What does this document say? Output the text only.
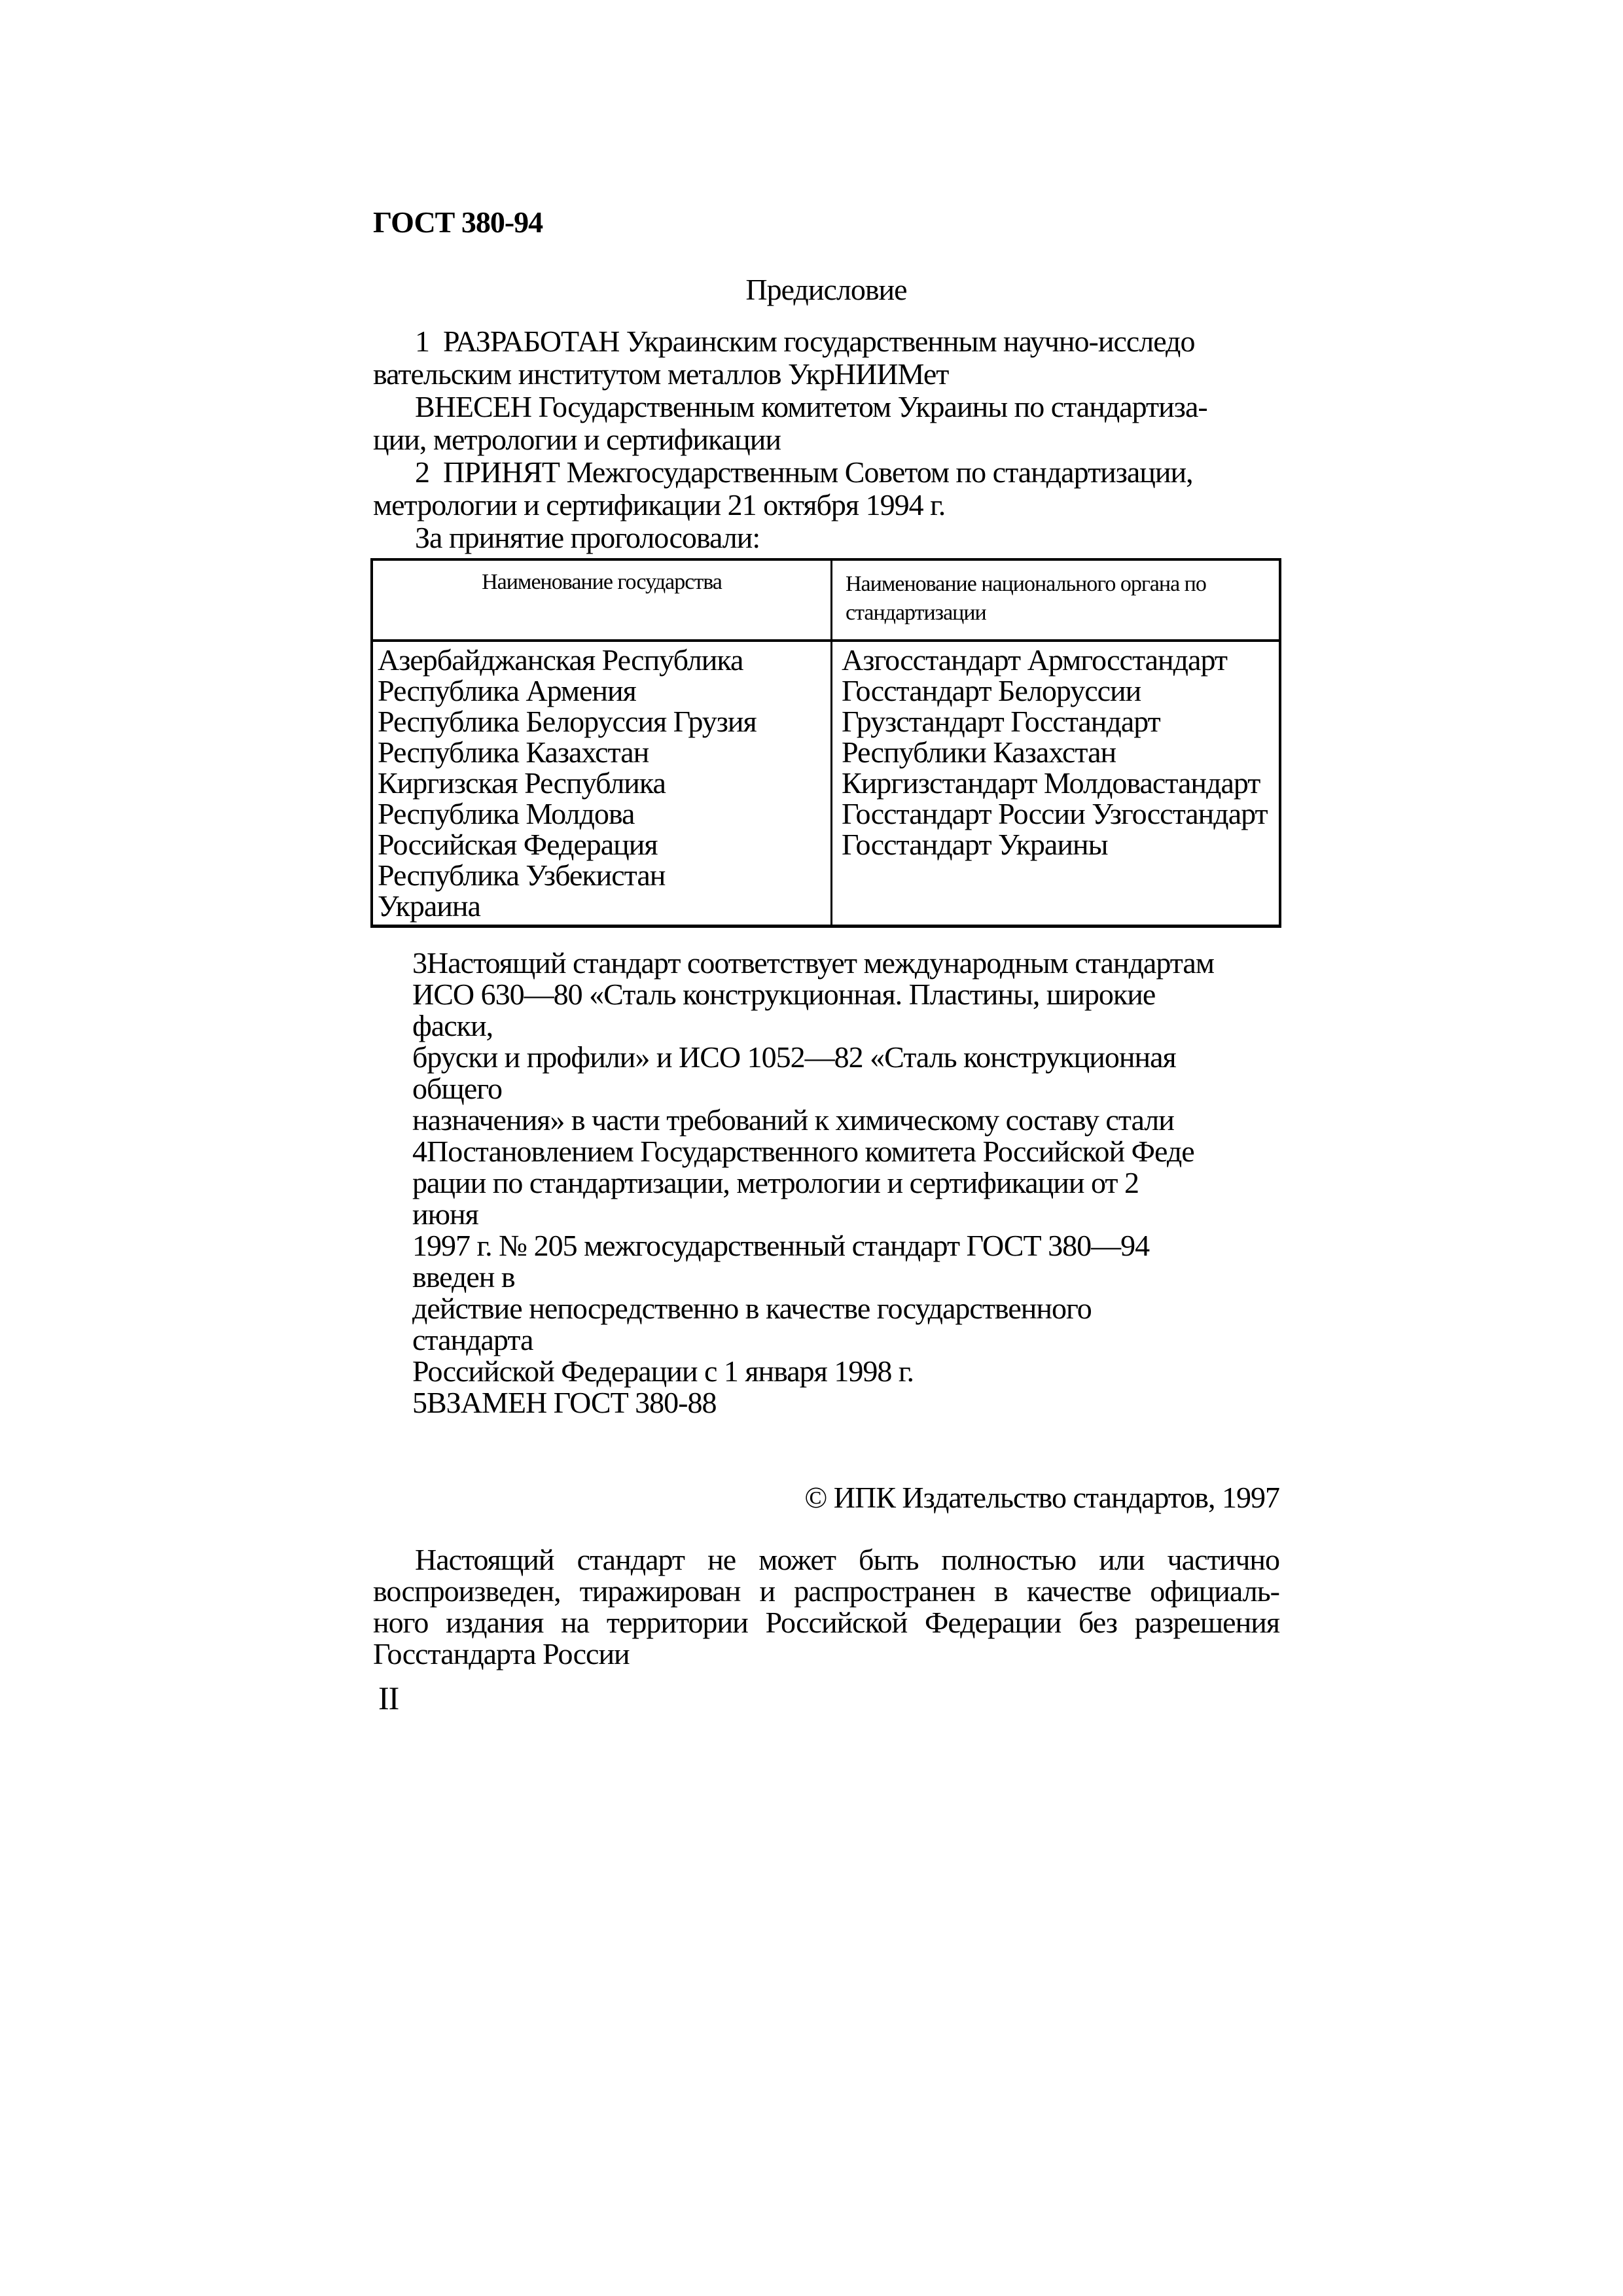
ГОСТ 380-94
Предисловие
1  РАЗРАБОТАН Украинским государственным научно-исследо
вательским институтом металлов УкрНИИМет
ВНЕСЕН Государственным комитетом Украины по стандартиза-
ции, метрологии и сертификации
2  ПРИНЯТ Межгосударственным Советом по стандартизации,
метрологии и сертификации 21 октября 1994 г.
За принятие проголосовали:
Наименование государства	Наименование национального органа по стандартизации
Азербайджанская Республика
Республика Армения
Республика Белоруссия Грузия
Республика Казахстан
Киргизская Республика
Республика Молдова
Российская Федерация
Республика Узбекистан
Украина
Азгосстандарт Армгосстандарт
Госстандарт Белоруссии
Грузстандарт Госстандарт
Республики Казахстан
Киргизстандарт Молдовастандарт
Госстандарт России Узгосстандарт
Госстандарт Украины
3Настоящий стандарт соответствует международным стандартам
ИСО 630—80 «Сталь конструкционная. Пластины, широкие
фаски,
бруски и профили» и ИСО 1052—82 «Сталь конструкционная
общего
назначения» в части требований к химическому составу стали
4Постановлением Государственного комитета Российской Феде
рации по стандартизации, метрологии и сертификации от 2
июня
1997 г. № 205 межгосударственный стандарт ГОСТ 380—94
введен в
действие непосредственно в качестве государственного
стандарта
Российской Федерации с 1 января 1998 г.
5ВЗАМЕН ГОСТ 380-88
© ИПК Издательство стандартов, 1997
Настоящий стандарт не может быть полностью или частично
воспроизведен, тиражирован и распространен в качестве официаль-
ного издания на территории Российской Федерации без разрешения
Госстандарта России
II
